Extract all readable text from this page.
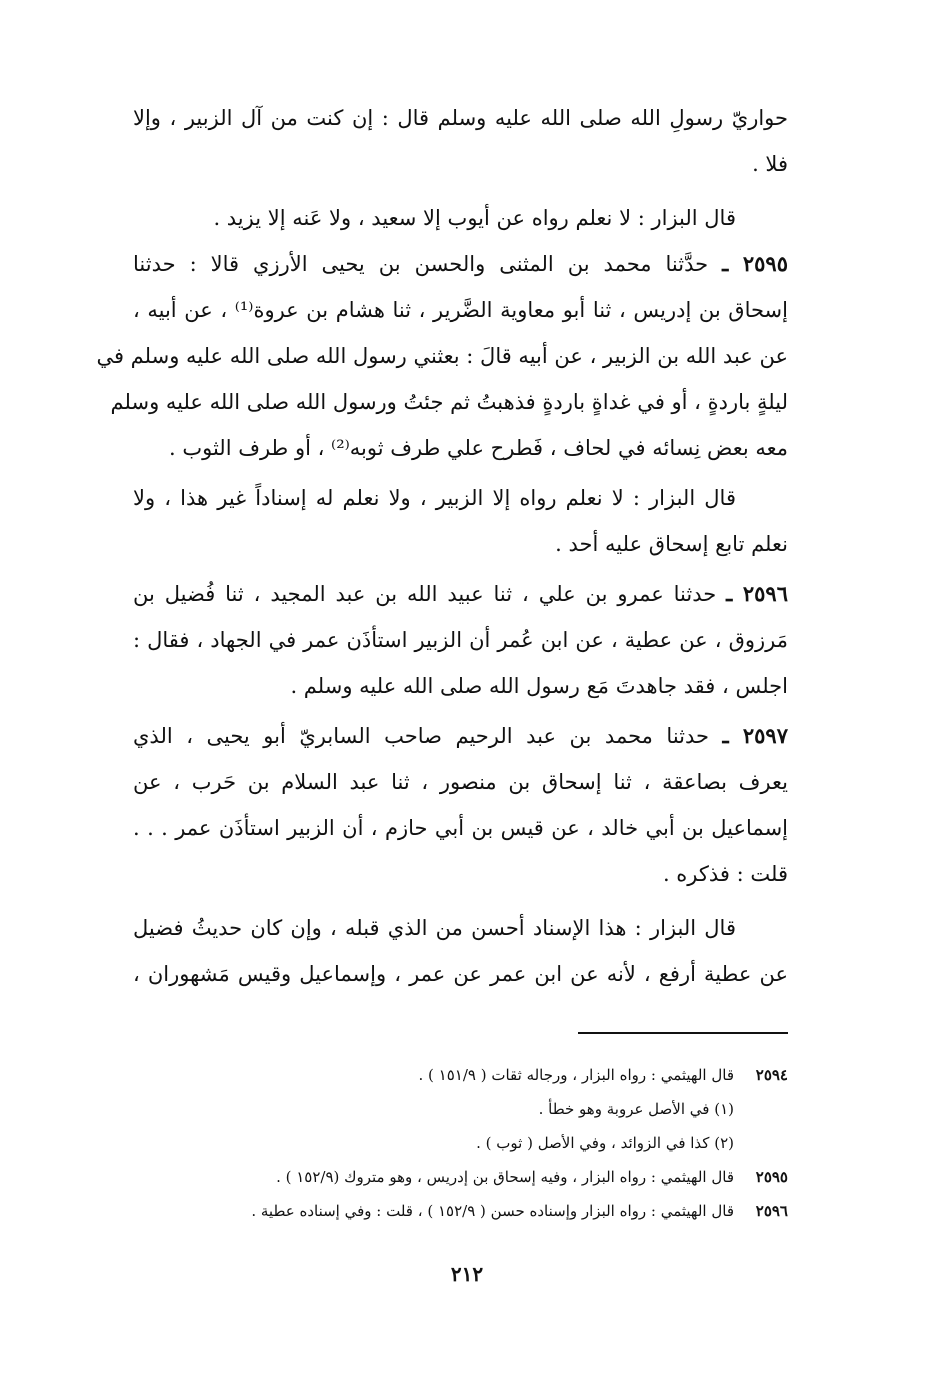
حواريّ رسولِ الله صلى الله عليه وسلم قال : إن كنت من آل الزبير ، وإلا
فلا .
قال البزار : لا نعلم رواه عن أيوب إلا سعيد ، ولا عَنه إلا يزيد .
٢٥٩٥ ـ حدَّثنا محمد بن المثنى والحسن بن يحيى الأرزي قالا : حدثنا
إسحاق بن إدريس ، ثنا أبو معاوية الضَّرير ، ثنا هشام بن عروة⁽¹⁾ ، عن أبيه ،
عن عبد الله بن الزبير ، عن أبيه قالَ : بعثني رسول الله صلى الله عليه وسلم في
ليلةٍ باردةٍ ، أو في غداةٍ باردةٍ فذهبتُ ثم جئتُ ورسول الله صلى الله عليه وسلم
معه بعض نِسائه في لحاف ، فَطرح علي طرف ثوبه⁽²⁾ ، أو طرف الثوب .
قال البزار : لا نعلم رواه إلا الزبير ، ولا نعلم له إسناداً غير هذا ، ولا
نعلم تابع إسحاق عليه أحد .
٢٥٩٦ ـ حدثنا عمرو بن علي ، ثنا عبيد الله بن عبد المجيد ، ثنا فُضيل بن
مَرزوق ، عن عطية ، عن ابن عُمر أن الزبير استأذَن عمر في الجهاد ، فقال :
اجلس ، فقد جاهدتَ مَع رسول الله صلى الله عليه وسلم .
٢٥٩٧ ـ حدثنا محمد بن عبد الرحيم صاحب السابريّ أبو يحيى ، الذي
يعرف بصاعقة ، ثنا إسحاق بن منصور ، ثنا عبد السلام بن حَرب ، عن
إسماعيل بن أبي خالد ، عن قيس بن أبي حازم ، أن الزبير استأذَن عمر . . .
قلت : فذكره .
قال البزار : هذا الإسناد أحسن من الذي قبله ، وإن كان حديثُ فضيل
عن عطية أرفع ، لأنه عن ابن عمر عن عمر ، وإسماعيل وقيس مَشهوران ،
٢٥٩٤
قال الهيثمي : رواه البزار ، ورجاله ثقات ( ١٥١/٩ ) .
(١) في الأصل عروبة وهو خطأ .
(٢) كذا في الزوائد ، وفي الأصل ( ثوب ) .
٢٥٩٥
قال الهيثمي : رواه البزار ، وفيه إسحاق بن إدريس ، وهو متروك (١٥٢/٩ ) .
٢٥٩٦
قال الهيثمي : رواه البزار وإسناده حسن ( ١٥٢/٩ ) ، قلت : وفي إسناده عطية .
٢١٢
